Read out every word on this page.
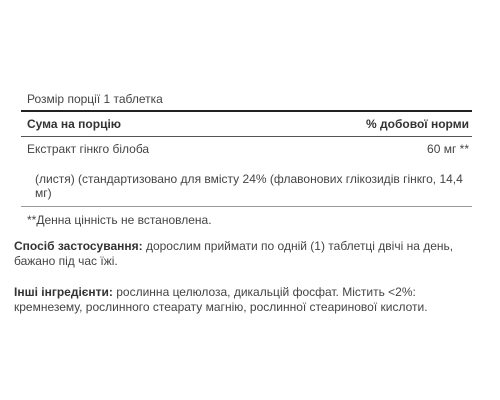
Розмір порції 1 таблетка
Сума на порцію	% добової норми
Екстракт гінкго білоба	60 мг **
(листя) (стандартизовано для вмісту 24% (флавонових глікозидів гінкго, 14,4 мг)
**Денна цінність не встановлена.
Спосіб застосування: дорослим приймати по одній (1) таблетці двічі на день, бажано під час їжі.
Інші інгредієнти: рослинна целюлоза, дикальцій фосфат. Містить <2%: кремнезему, рослинного стеарату магнію, рослинної стеаринової кислоти.
